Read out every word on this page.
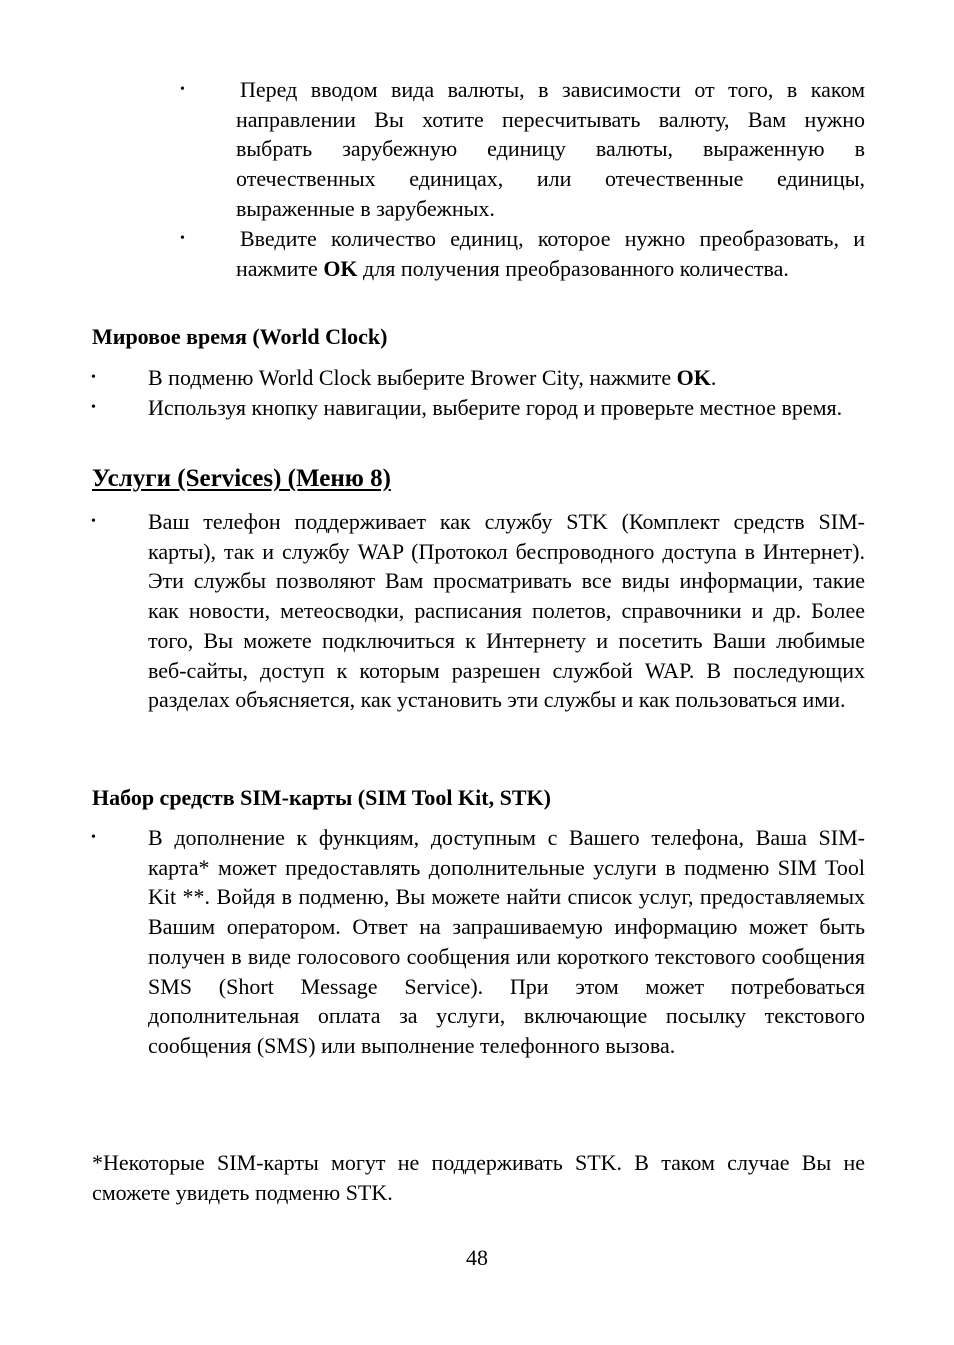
•	Перед вводом вида валюты, в зависимости от того, в каком направлении Вы хотите пересчитывать валюту, Вам нужно выбрать зарубежную единицу валюты, выраженную в отечественных единицах, или отечественные единицы, выраженные в зарубежных.
•	Введите количество единиц, которое нужно преобразовать, и нажмите OK для получения преобразованного количества.
Мировое время (World Clock)
• В подменю World Clock выберите Brower City, нажмите OK.
• Используя кнопку навигации, выберите город и проверьте местное время.
Услуги (Services) (Меню 8)
• Ваш телефон поддерживает как службу STK (Комплект средств SIM-карты), так и службу WAP (Протокол беспроводного доступа в Интернет). Эти службы позволяют Вам просматривать все виды информации, такие как новости, метеосводки, расписания полетов, справочники и др. Более того, Вы можете подключиться к Интернету и посетить Ваши любимые веб-сайты, доступ к которым разрешен службой WAP. В последующих разделах объясняется, как установить эти службы и как пользоваться ими.
Набор средств SIM-карты (SIM Tool Kit, STK)
• В дополнение к функциям, доступным с Вашего телефона, Ваша SIM-карта* может предоставлять дополнительные услуги в подменю SIM Tool Kit **. Войдя в подменю, Вы можете найти список услуг, предоставляемых Вашим оператором. Ответ на запрашиваемую информацию может быть получен в виде голосового сообщения или короткого текстового сообщения SMS (Short Message Service). При этом может потребоваться дополнительная оплата за услуги, включающие посылку текстового сообщения (SMS) или выполнение телефонного вызова.
*Некоторые SIM-карты могут не поддерживать STK. В таком случае Вы не сможете увидеть подменю STK.
48
